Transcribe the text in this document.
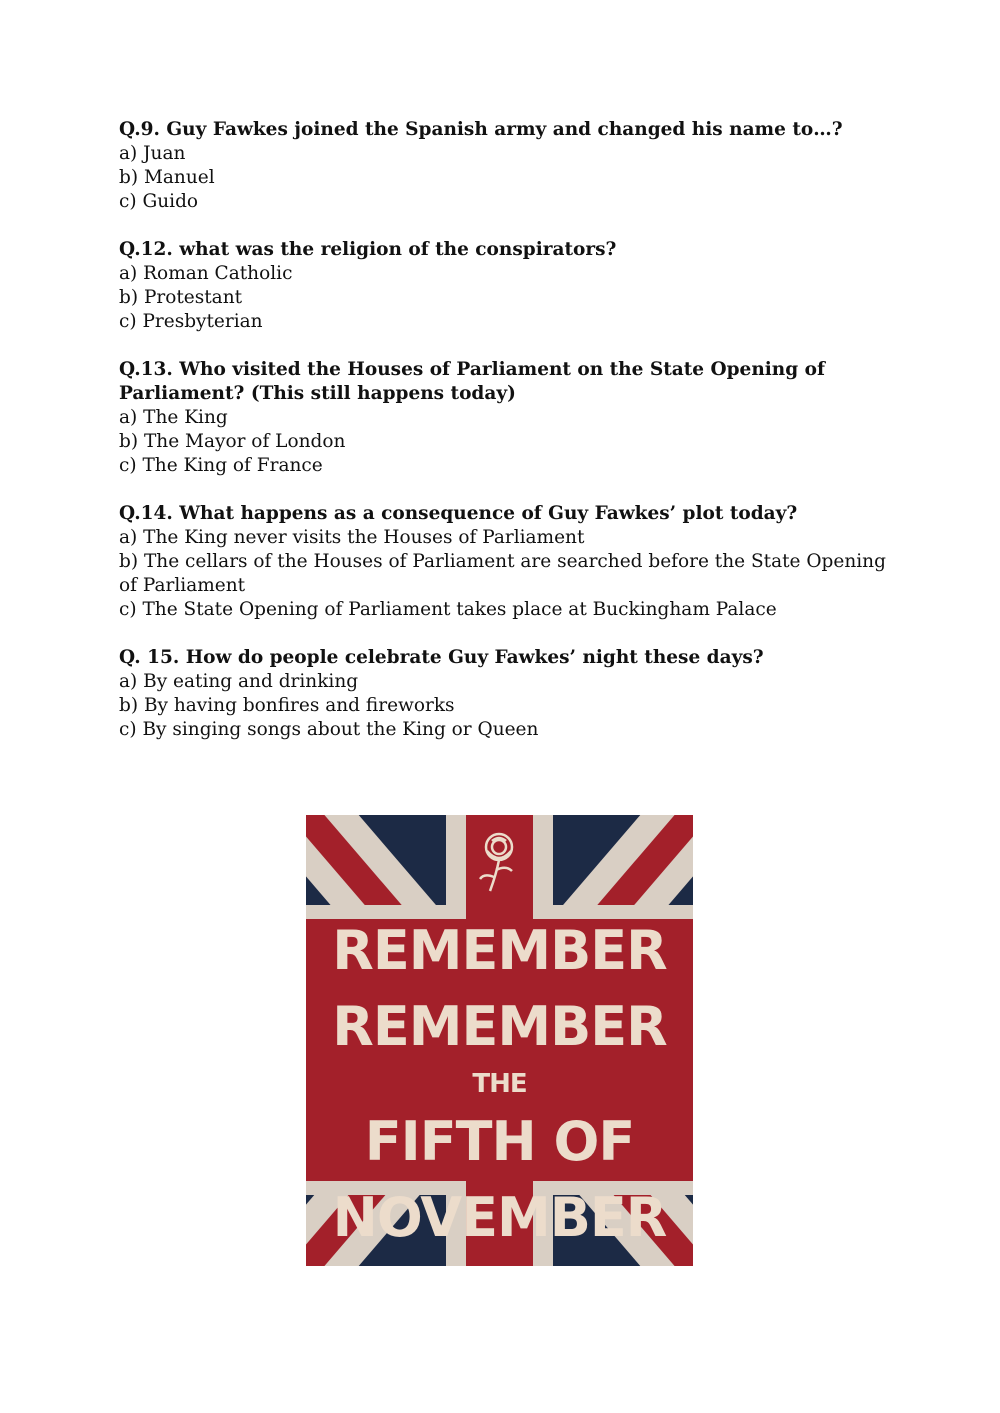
Q.9. Guy Fawkes joined the Spanish army and changed his name to…?

a) Juan

b) Manuel

c) Guido

Q.12. what was the religion of the conspirators?

a) Roman Catholic

b) Protestant

c) Presbyterian

Q.13. Who visited the Houses of Parliament on the State Opening of Parliament? (This still happens today)

a) The King

b) The Mayor of London

c) The King of France

Q.14. What happens as a consequence of Guy Fawkes’ plot today?

a) The King never visits the Houses of Parliament

b) The cellars of the Houses of Parliament are searched before the State Opening of Parliament

c) The State Opening of Parliament takes place at Buckingham Palace

Q. 15. How do people celebrate Guy Fawkes’ night these days?

a) By eating and drinking

b) By having bonfires and fireworks

c) By singing songs about the King or Queen

REMEMBER
REMEMBER
THE
FIFTH OF
NOVEMBER
